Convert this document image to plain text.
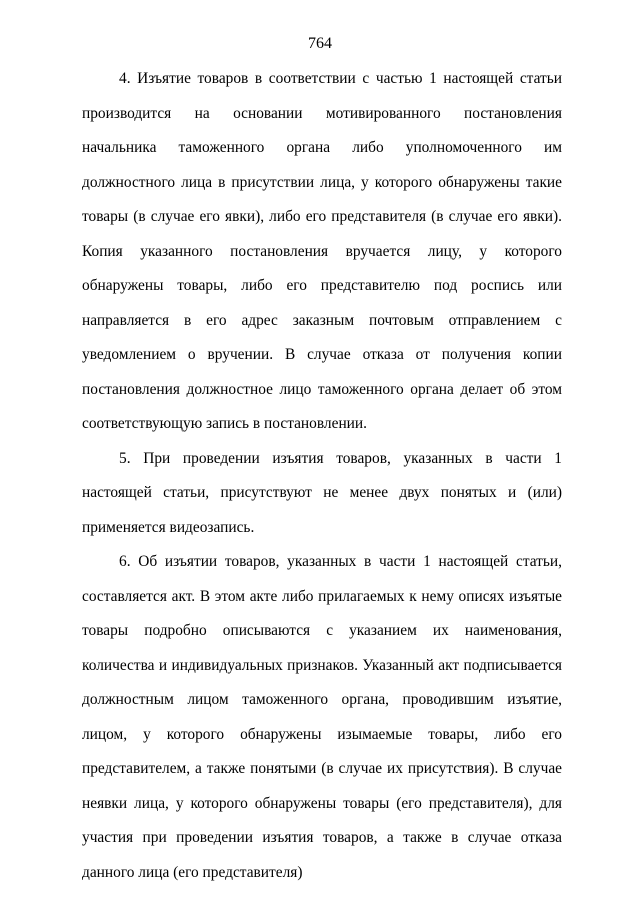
764

4. Изъятие товаров в соответствии с частью 1 настоящей статьи производится на основании мотивированного постановления начальника таможенного органа либо уполномоченного им должностного лица в присутствии лица, у которого обнаружены такие товары (в случае его явки), либо его представителя (в случае его явки). Копия указанного постановления вручается лицу, у которого обнаружены товары, либо его представителю под роспись или направляется в его адрес заказным почтовым отправлением с уведомлением о вручении. В случае отказа от получения копии постановления должностное лицо таможенного органа делает об этом соответствующую запись в постановлении.

5. При проведении изъятия товаров, указанных в части 1 настоящей статьи, присутствуют не менее двух понятых и (или) применяется видеозапись.

6. Об изъятии товаров, указанных в части 1 настоящей статьи, составляется акт. В этом акте либо прилагаемых к нему описях изъятые товары подробно описываются с указанием их наименования, количества и индивидуальных признаков. Указанный акт подписывается должностным лицом таможенного органа, проводившим изъятие, лицом, у которого обнаружены изымаемые товары, либо его представителем, а также понятыми (в случае их присутствия). В случае неявки лица, у которого обнаружены товары (его представителя), для участия при проведении изъятия товаров, а также в случае отказа данного лица (его представителя)
